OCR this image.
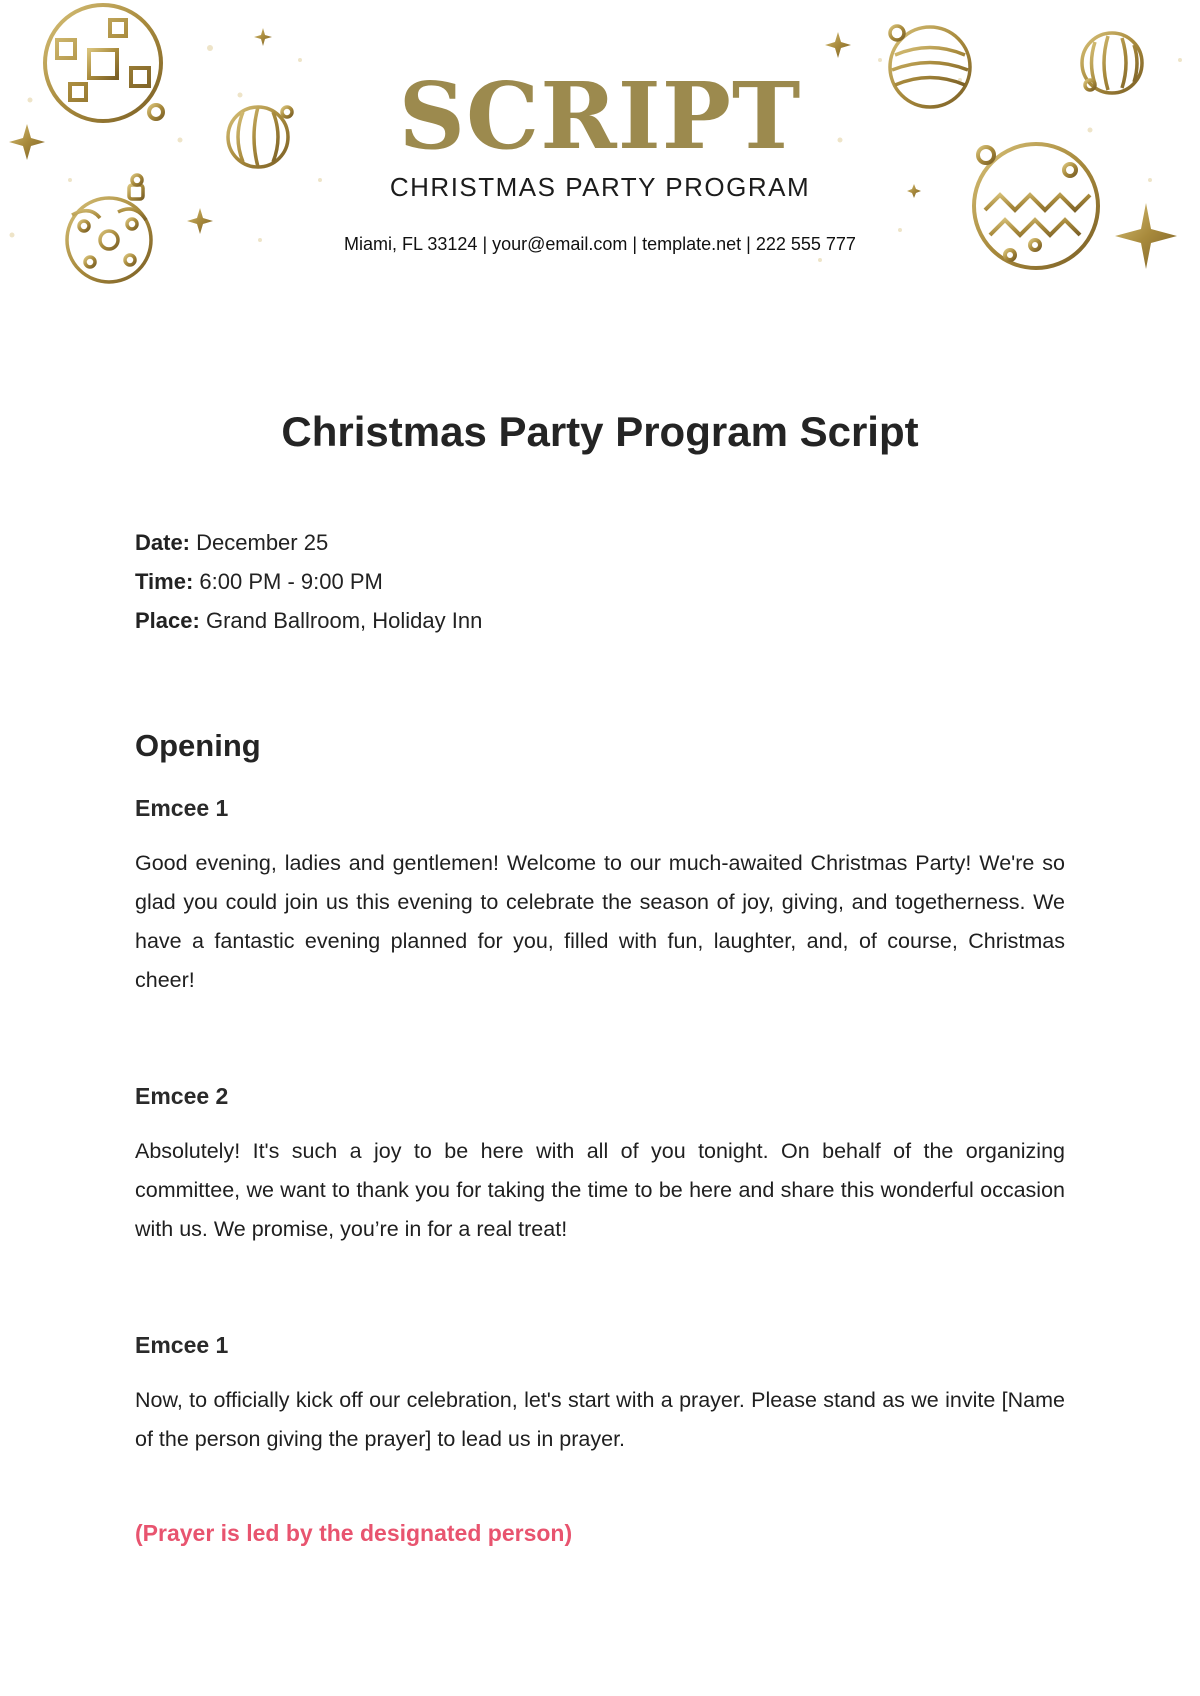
SCRIPT
CHRISTMAS PARTY PROGRAM
Miami, FL 33124 | your@email.com | template.net | 222 555 777
Christmas Party Program Script
Date: December 25
Time: 6:00 PM - 9:00 PM
Place: Grand Ballroom, Holiday Inn
Opening
Emcee 1

Good evening, ladies and gentlemen! Welcome to our much-awaited Christmas Party! We're so glad you could join us this evening to celebrate the season of joy, giving, and togetherness. We have a fantastic evening planned for you, filled with fun, laughter, and, of course, Christmas cheer!

Emcee 2

Absolutely! It's such a joy to be here with all of you tonight. On behalf of the organizing committee, we want to thank you for taking the time to be here and share this wonderful occasion with us. We promise, you’re in for a real treat!

Emcee 1

Now, to officially kick off our celebration, let's start with a prayer. Please stand as we invite [Name of the person giving the prayer] to lead us in prayer.

(Prayer is led by the designated person)
